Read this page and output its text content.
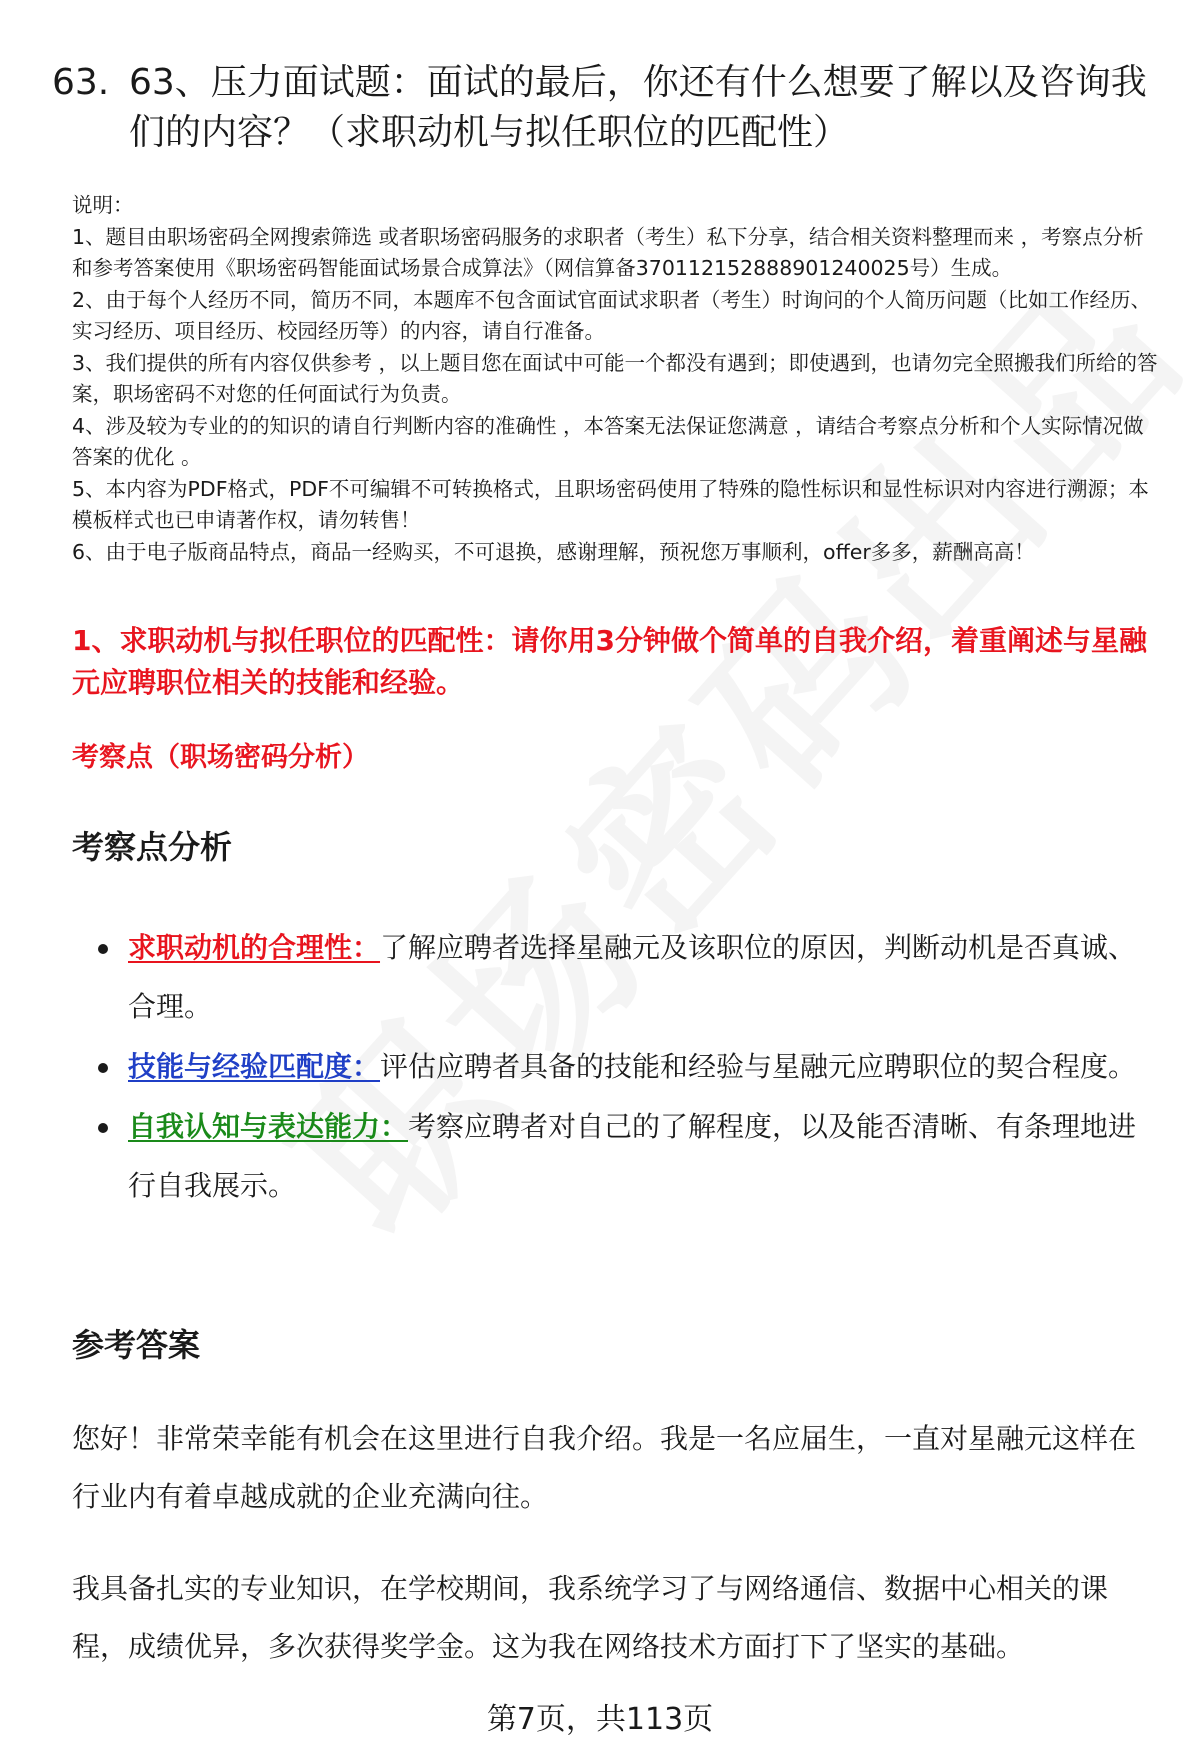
63. 63、压力面试题：面试的最后，你还有什么想要了解以及咨询我们的内容？（求职动机与拟任职位的匹配性）

说明：

1、题目由职场密码全网搜索筛选 或者职场密码服务的求职者（考生）私下分享，结合相关资料整理而来 ，考察点分析和参考答案使用《职场密码智能面试场景合成算法》（网信算备370112152888901240025号）生成。

2、由于每个人经历不同，简历不同，本题库不包含面试官面试求职者（考生）时询问的个人简历问题（比如工作经历、实习经历、项目经历、校园经历等）的内容，请自行准备。

3、我们提供的所有内容仅供参考 ，以上题目您在面试中可能一个都没有遇到；即使遇到，也请勿完全照搬我们所给的答案，职场密码不对您的任何面试行为负责。

4、涉及较为专业的的知识的请自行判断内容的准确性 ，本答案无法保证您满意 ，请结合考察点分析和个人实际情况做答案的优化 。

5、本内容为PDF格式，PDF不可编辑不可转换格式，且职场密码使用了特殊的隐性标识和显性标识对内容进行溯源；本模板样式也已申请著作权，请勿转售！

6、由于电子版商品特点，商品一经购买，不可退换，感谢理解，预祝您万事顺利，offer多多，薪酬高高！

1、求职动机与拟任职位的匹配性：请你用3分钟做个简单的自我介绍，着重阐述与星融元应聘职位相关的技能和经验。
考察点（职场密码分析）
考察点分析
求职动机的合理性：了解应聘者选择星融元及该职位的原因，判断动机是否真诚、合理。
技能与经验匹配度：评估应聘者具备的技能和经验与星融元应聘职位的契合程度。
自我认知与表达能力：考察应聘者对自己的了解程度，以及能否清晰、有条理地进行自我展示。
参考答案

您好！非常荣幸能有机会在这里进行自我介绍。我是一名应届生，一直对星融元这样在行业内有着卓越成就的企业充满向往。

我具备扎实的专业知识，在学校期间，我系统学习了与网络通信、数据中心相关的课程，成绩优异，多次获得奖学金。这为我在网络技术方面打下了坚实的基础。

第7页，共113页
